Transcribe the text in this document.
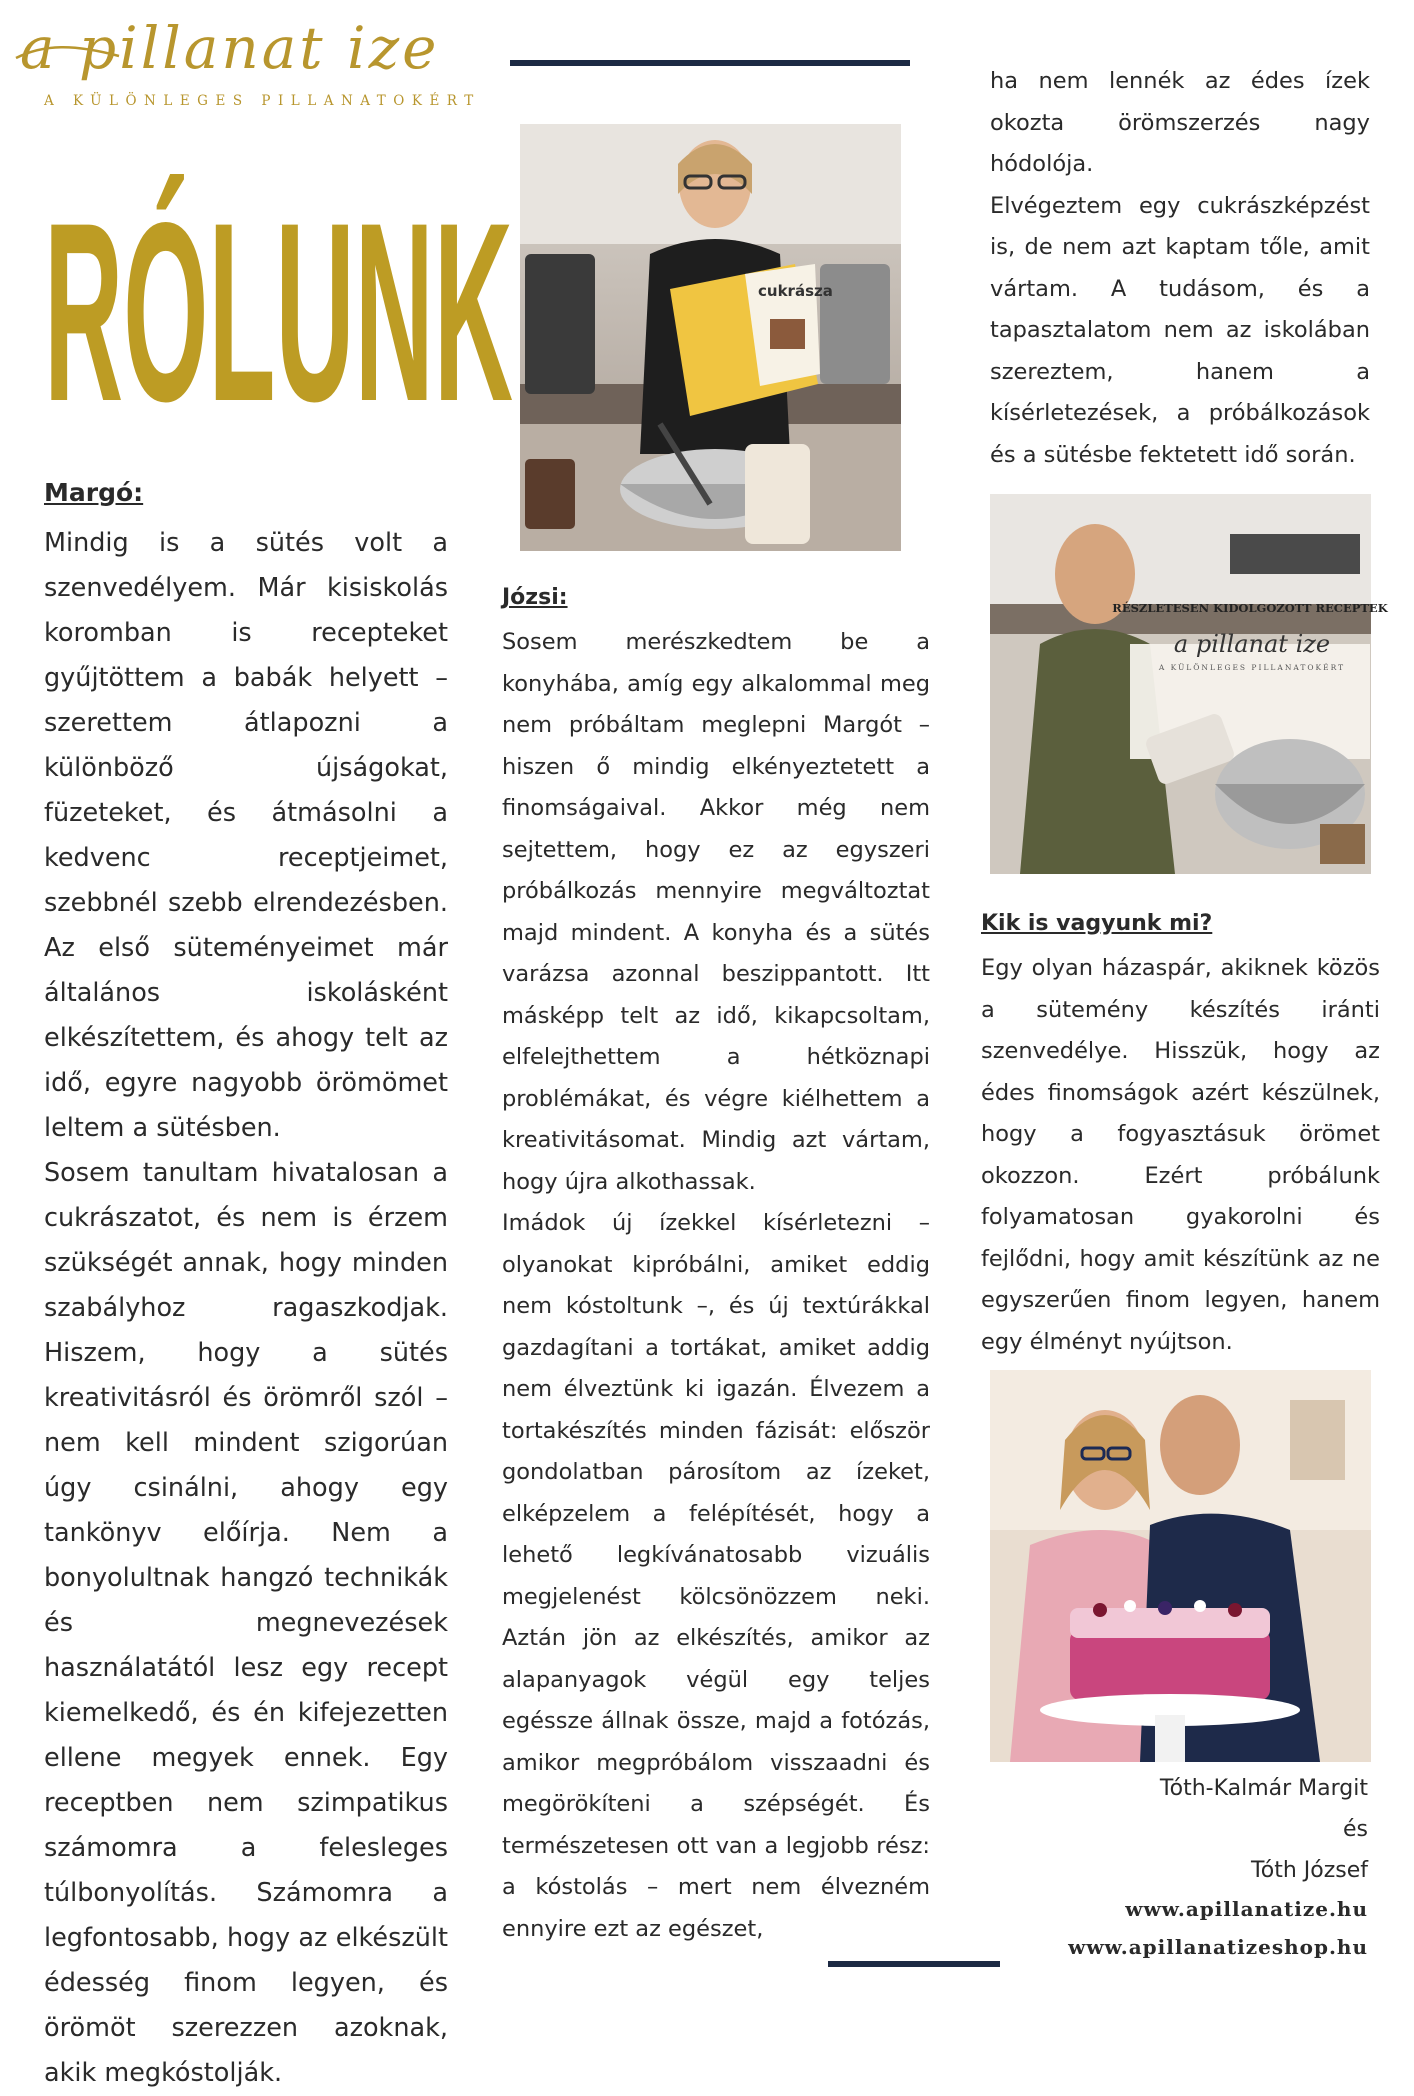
a pillanat ize
A KÜLÖNLEGES PILLANATOKÉRT
RÓLUNK
Margó:

Mindig is a sütés volt a szenvedélyem. Már kisiskolás koromban is recepteket gyűjtöttem a babák helyett – szerettem átlapozni a különböző újságokat, füzeteket, és átmásolni a kedvenc receptjeimet, szebbnél szebb elrendezésben. Az első süteményeimet már általános iskolásként elkészítettem, és ahogy telt az idő, egyre nagyobb örömömet leltem a sütésben.

Sosem tanultam hivatalosan a cukrászatot, és nem is érzem szükségét annak, hogy minden szabályhoz ragaszkodjak. Hiszem, hogy a sütés kreativitásról és örömről szól – nem kell mindent szigorúan úgy csinálni, ahogy egy tankönyv előírja. Nem a bonyolultnak hangzó technikák és megnevezések használatától lesz egy recept kiemelkedő, és én kifejezetten ellene megyek ennek. Egy receptben nem szimpatikus számomra a felesleges túlbonyolítás. Számomra a legfontosabb, hogy az elkészült édesség finom legyen, és örömöt szerezzen azoknak, akik megkóstolják.

cukrásza
Józsi:

Sosem merészkedtem be a konyhába, amíg egy alkalommal meg nem próbáltam meglepni Margót – hiszen ő mindig elkényeztetett a finomságaival. Akkor még nem sejtettem, hogy ez az egyszeri próbálkozás mennyire megváltoztat majd mindent. A konyha és a sütés varázsa azonnal beszippantott. Itt másképp telt az idő, kikapcsoltam, elfelejthettem a hétköznapi problémákat, és végre kiélhettem a kreativitásomat. Mindig azt vártam, hogy újra alkothassak.

Imádok új ízekkel kísérletezni – olyanokat kipróbálni, amiket eddig nem kóstoltunk –, és új textúrákkal gazdagítani a tortákat, amiket addig nem élveztünk ki igazán. Élvezem a tortakészítés minden fázisát: először gondolatban párosítom az ízeket, elképzelem a felépítését, hogy a lehető legkívánatosabb vizuális megjelenést kölcsönözzem neki. Aztán jön az elkészítés, amikor az alapanyagok végül egy teljes egéssze állnak össze, majd a fotózás, amikor megpróbálom visszaadni és megörökíteni a szépségét. És természetesen ott van a legjobb rész: a kóstolás – mert nem élvezném ennyire ezt az egészet,

ha nem lennék az édes ízek okozta örömszerzés nagy hódolója.

Elvégeztem egy cukrászképzést is, de nem azt kaptam tőle, amit vártam. A tudásom, és a tapasztalatom nem az iskolában szereztem, hanem a kísérletezések, a próbálkozások és a sütésbe fektetett idő során.

RÉSZLETESEN KIDOLGOZOTT RECEPTEK
a pillanat ize
A KÜLÖNLEGES PILLANATOKÉRT
Kik is vagyunk mi?

Egy olyan házaspár, akiknek közös a sütemény készítés iránti szenvedélye. Hisszük, hogy az édes finomságok azért készülnek, hogy a fogyasztásuk örömet okozzon. Ezért próbálunk folyamatosan gyakorolni és fejlődni, hogy amit készítünk az ne egyszerűen finom legyen, hanem egy élményt nyújtson.

Tóth-Kalmár Margit
és
Tóth József
www.apillanatize.hu
www.apillanatizeshop.hu
